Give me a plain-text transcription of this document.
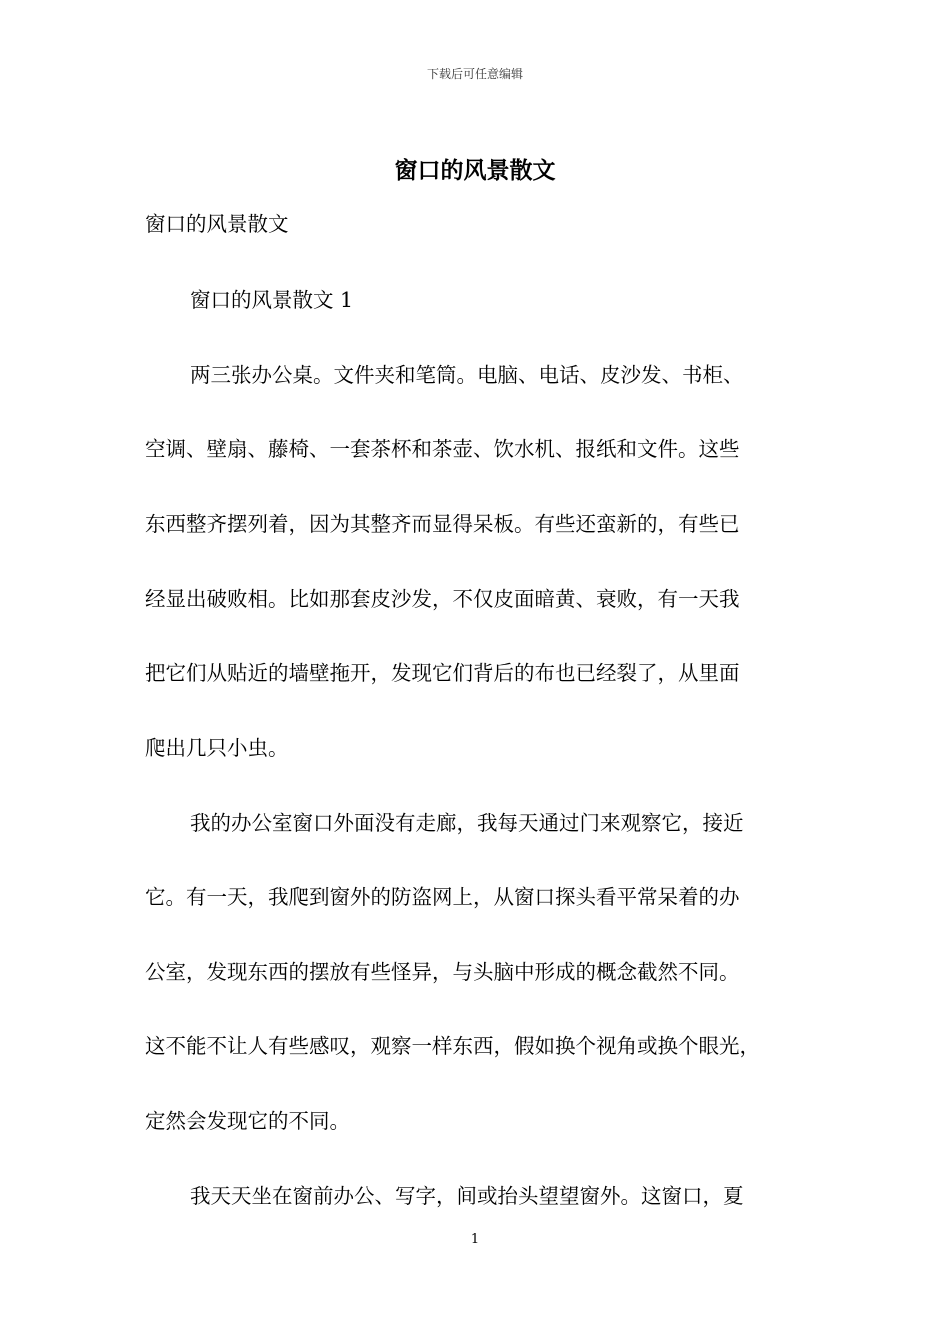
下载后可任意编辑
窗口的风景散文
窗口的风景散文
窗口的风景散文 1
两三张办公桌。文件夹和笔筒。电脑、电话、皮沙发、书柜、
空调、壁扇、藤椅、一套茶杯和茶壶、饮水机、报纸和文件。这些
东西整齐摆列着，因为其整齐而显得呆板。有些还蛮新的，有些已
经显出破败相。比如那套皮沙发，不仅皮面暗黄、衰败，有一天我
把它们从贴近的墙壁拖开，发现它们背后的布也已经裂了，从里面
爬出几只小虫。
我的办公室窗口外面没有走廊，我每天通过门来观察它，接近
它。有一天，我爬到窗外的防盗网上，从窗口探头看平常呆着的办
公室，发现东西的摆放有些怪异，与头脑中形成的概念截然不同。
这不能不让人有些感叹，观察一样东西，假如换个视角或换个眼光，
定然会发现它的不同。
我天天坐在窗前办公、写字，间或抬头望望窗外。这窗口，夏
1
